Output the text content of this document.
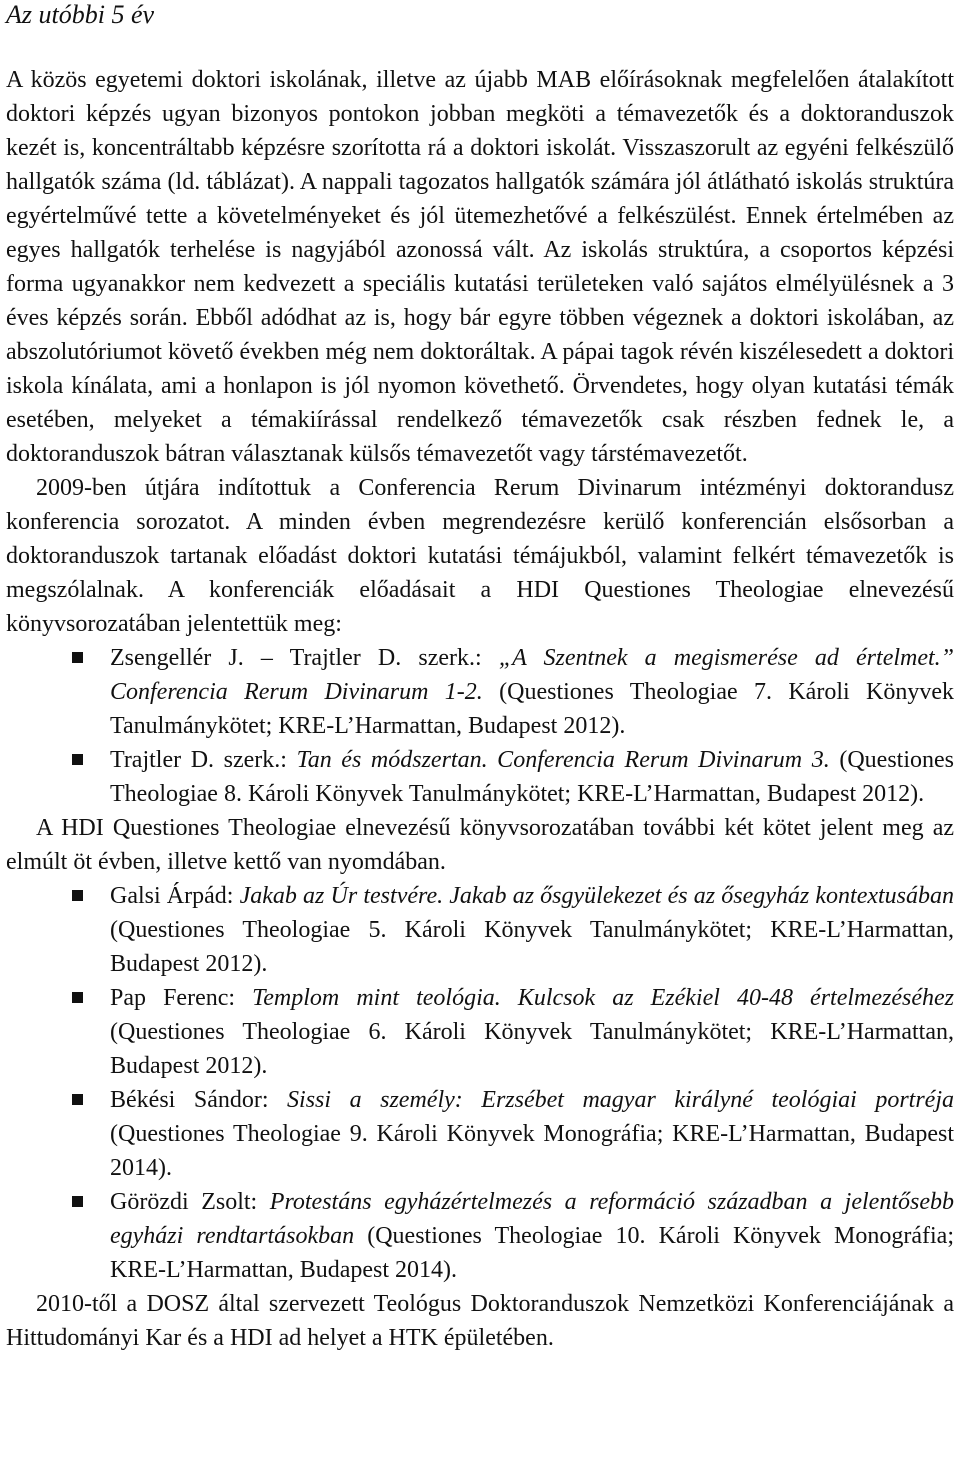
Az utóbbi 5 év

A közös egyetemi doktori iskolának, illetve az újabb MAB előírásoknak megfelelően átalakított doktori képzés ugyan bizonyos pontokon jobban megköti a témavezetők és a doktoranduszok kezét is, koncentráltabb képzésre szorította rá a doktori iskolát. Visszaszorult az egyéni felkészülő hallgatók száma (ld. táblázat). A nappali tagozatos hallgatók számára jól átlátható iskolás struktúra egyértelművé tette a követelményeket és jól ütemezhetővé a felkészülést. Ennek értelmében az egyes hallgatók terhelése is nagyjából azonossá vált. Az iskolás struktúra, a csoportos képzési forma ugyanakkor nem kedvezett a speciális kutatási területeken való sajátos elmélyülésnek a 3 éves képzés során. Ebből adódhat az is, hogy bár egyre többen végeznek a doktori iskolában, az abszolutóriumot követő években még nem doktoráltak. A pápai tagok révén kiszélesedett a doktori iskola kínálata, ami a honlapon is jól nyomon követhető. Örvendetes, hogy olyan kutatási témák esetében, melyeket a témakiírással rendelkező témavezetők csak részben fednek le, a doktoranduszok bátran választanak külsős témavezetőt vagy társtémavezetőt.

2009-ben útjára indítottuk a Conferencia Rerum Divinarum intézményi doktorandusz konferencia sorozatot. A minden évben megrendezésre kerülő konferencián elsősorban a doktoranduszok tartanak előadást doktori kutatási témájukból, valamint felkért témavezetők is megszólalnak. A konferenciák előadásait a HDI Questiones Theologiae elnevezésű könyvsorozatában jelentettük meg:

Zsengellér J. – Trajtler D. szerk.: „A Szentnek a megismerése ad értelmet.” Conferencia Rerum Divinarum 1-2. (Questiones Theologiae 7. Károli Könyvek Tanulmánykötet; KRE-L’Harmattan, Budapest 2012).
Trajtler D. szerk.: Tan és módszertan. Conferencia Rerum Divinarum 3. (Questiones Theologiae 8. Károli Könyvek Tanulmánykötet; KRE-L’Harmattan, Budapest 2012).

A HDI Questiones Theologiae elnevezésű könyvsorozatában további két kötet jelent meg az elmúlt öt évben, illetve kettő van nyomdában.

Galsi Árpád: Jakab az Úr testvére. Jakab az ősgyülekezet és az ősegyház kontextusában (Questiones Theologiae 5. Károli Könyvek Tanulmánykötet; KRE-L’Harmattan, Budapest 2012).
Pap Ferenc: Templom mint teológia. Kulcsok az Ezékiel 40-48 értelmezéséhez (Questiones Theologiae 6. Károli Könyvek Tanulmánykötet; KRE-L’Harmattan, Budapest 2012).
Békési Sándor: Sissi a személy: Erzsébet magyar királyné teológiai portréja (Questiones Theologiae 9. Károli Könyvek Monográfia; KRE-L’Harmattan, Budapest 2014).
Görözdi Zsolt: Protestáns egyházértelmezés a reformáció században a jelentősebb egyházi rendtartásokban (Questiones Theologiae 10. Károli Könyvek Monográfia; KRE-L’Harmattan, Budapest 2014).

2010-től a DOSZ által szervezett Teológus Doktoranduszok Nemzetközi Konferenciájának a Hittudományi Kar és a HDI ad helyet a HTK épületében.
